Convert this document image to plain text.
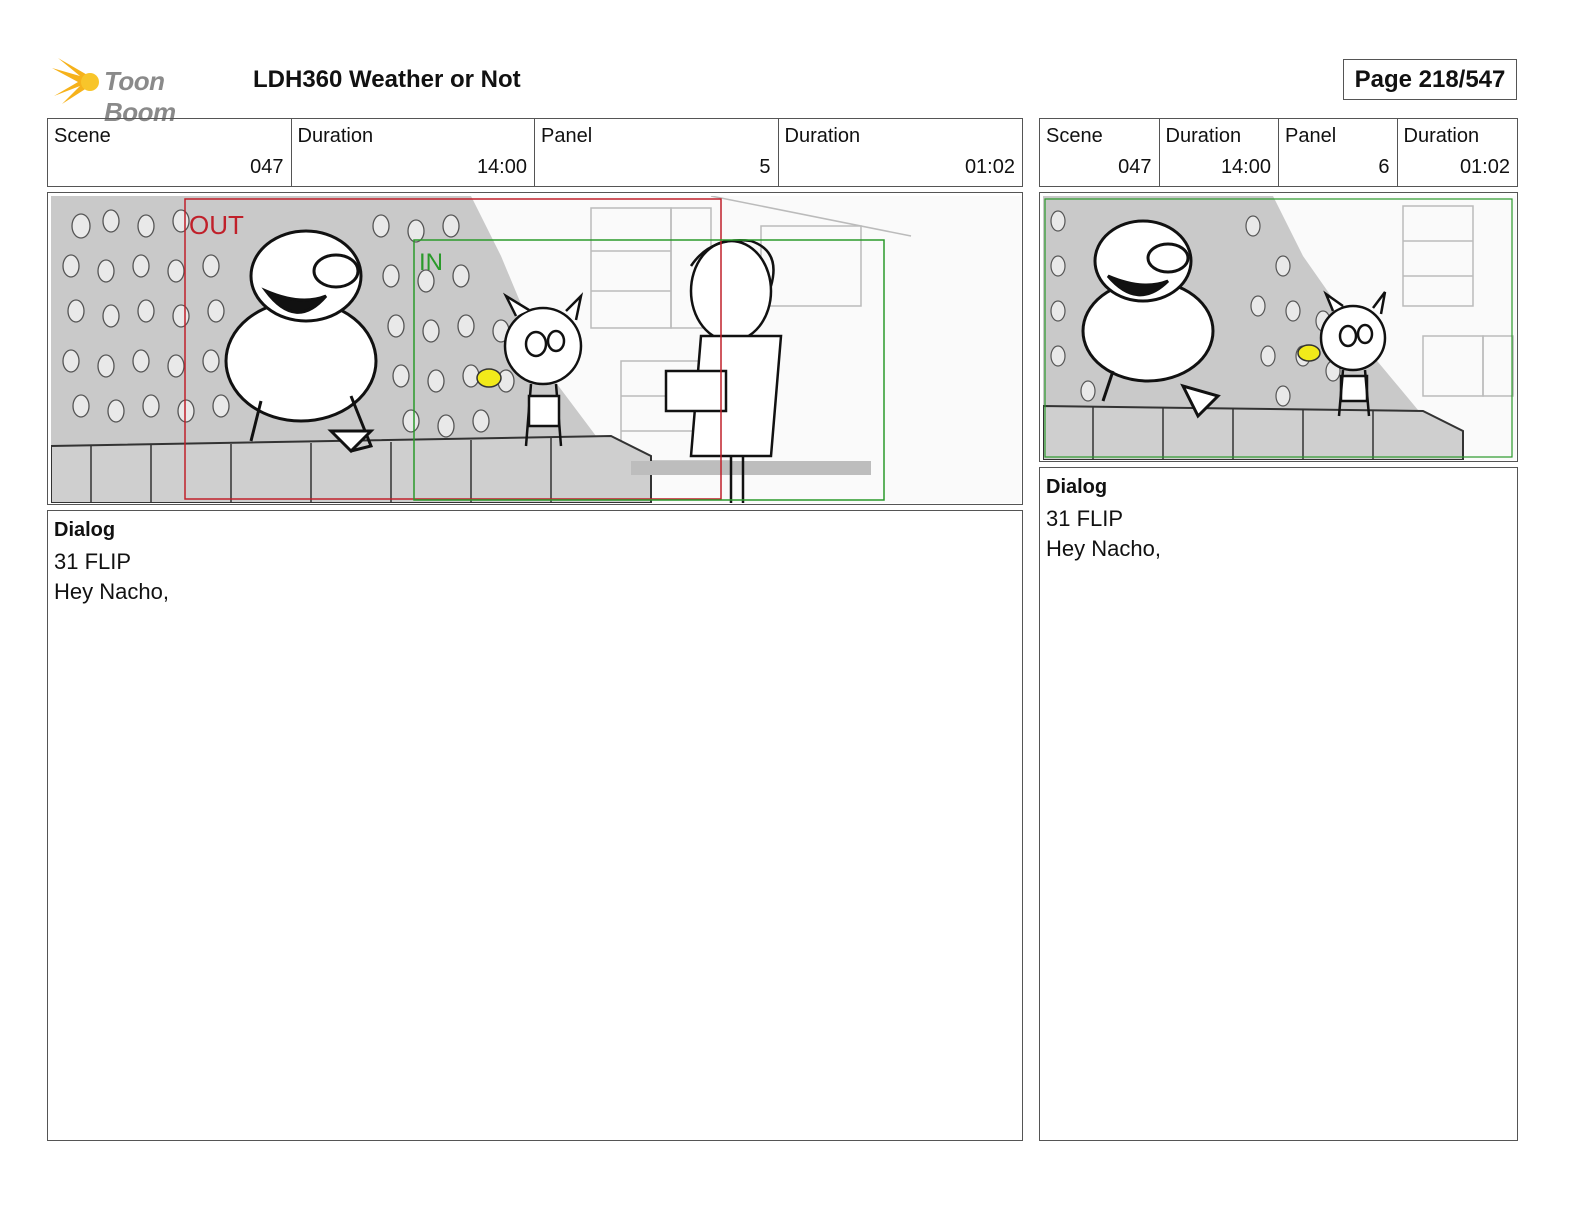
Toon Boom
LDH360 Weather or Not	Page 218/547
Scene
047
Duration
14:00
Panel
5
Duration
01:02
OUT
IN
Dialog
31 FLIP
Hey Nacho,
Scene
047
Duration
14:00
Panel
6
Duration
01:02
Dialog
31 FLIP
Hey Nacho,
